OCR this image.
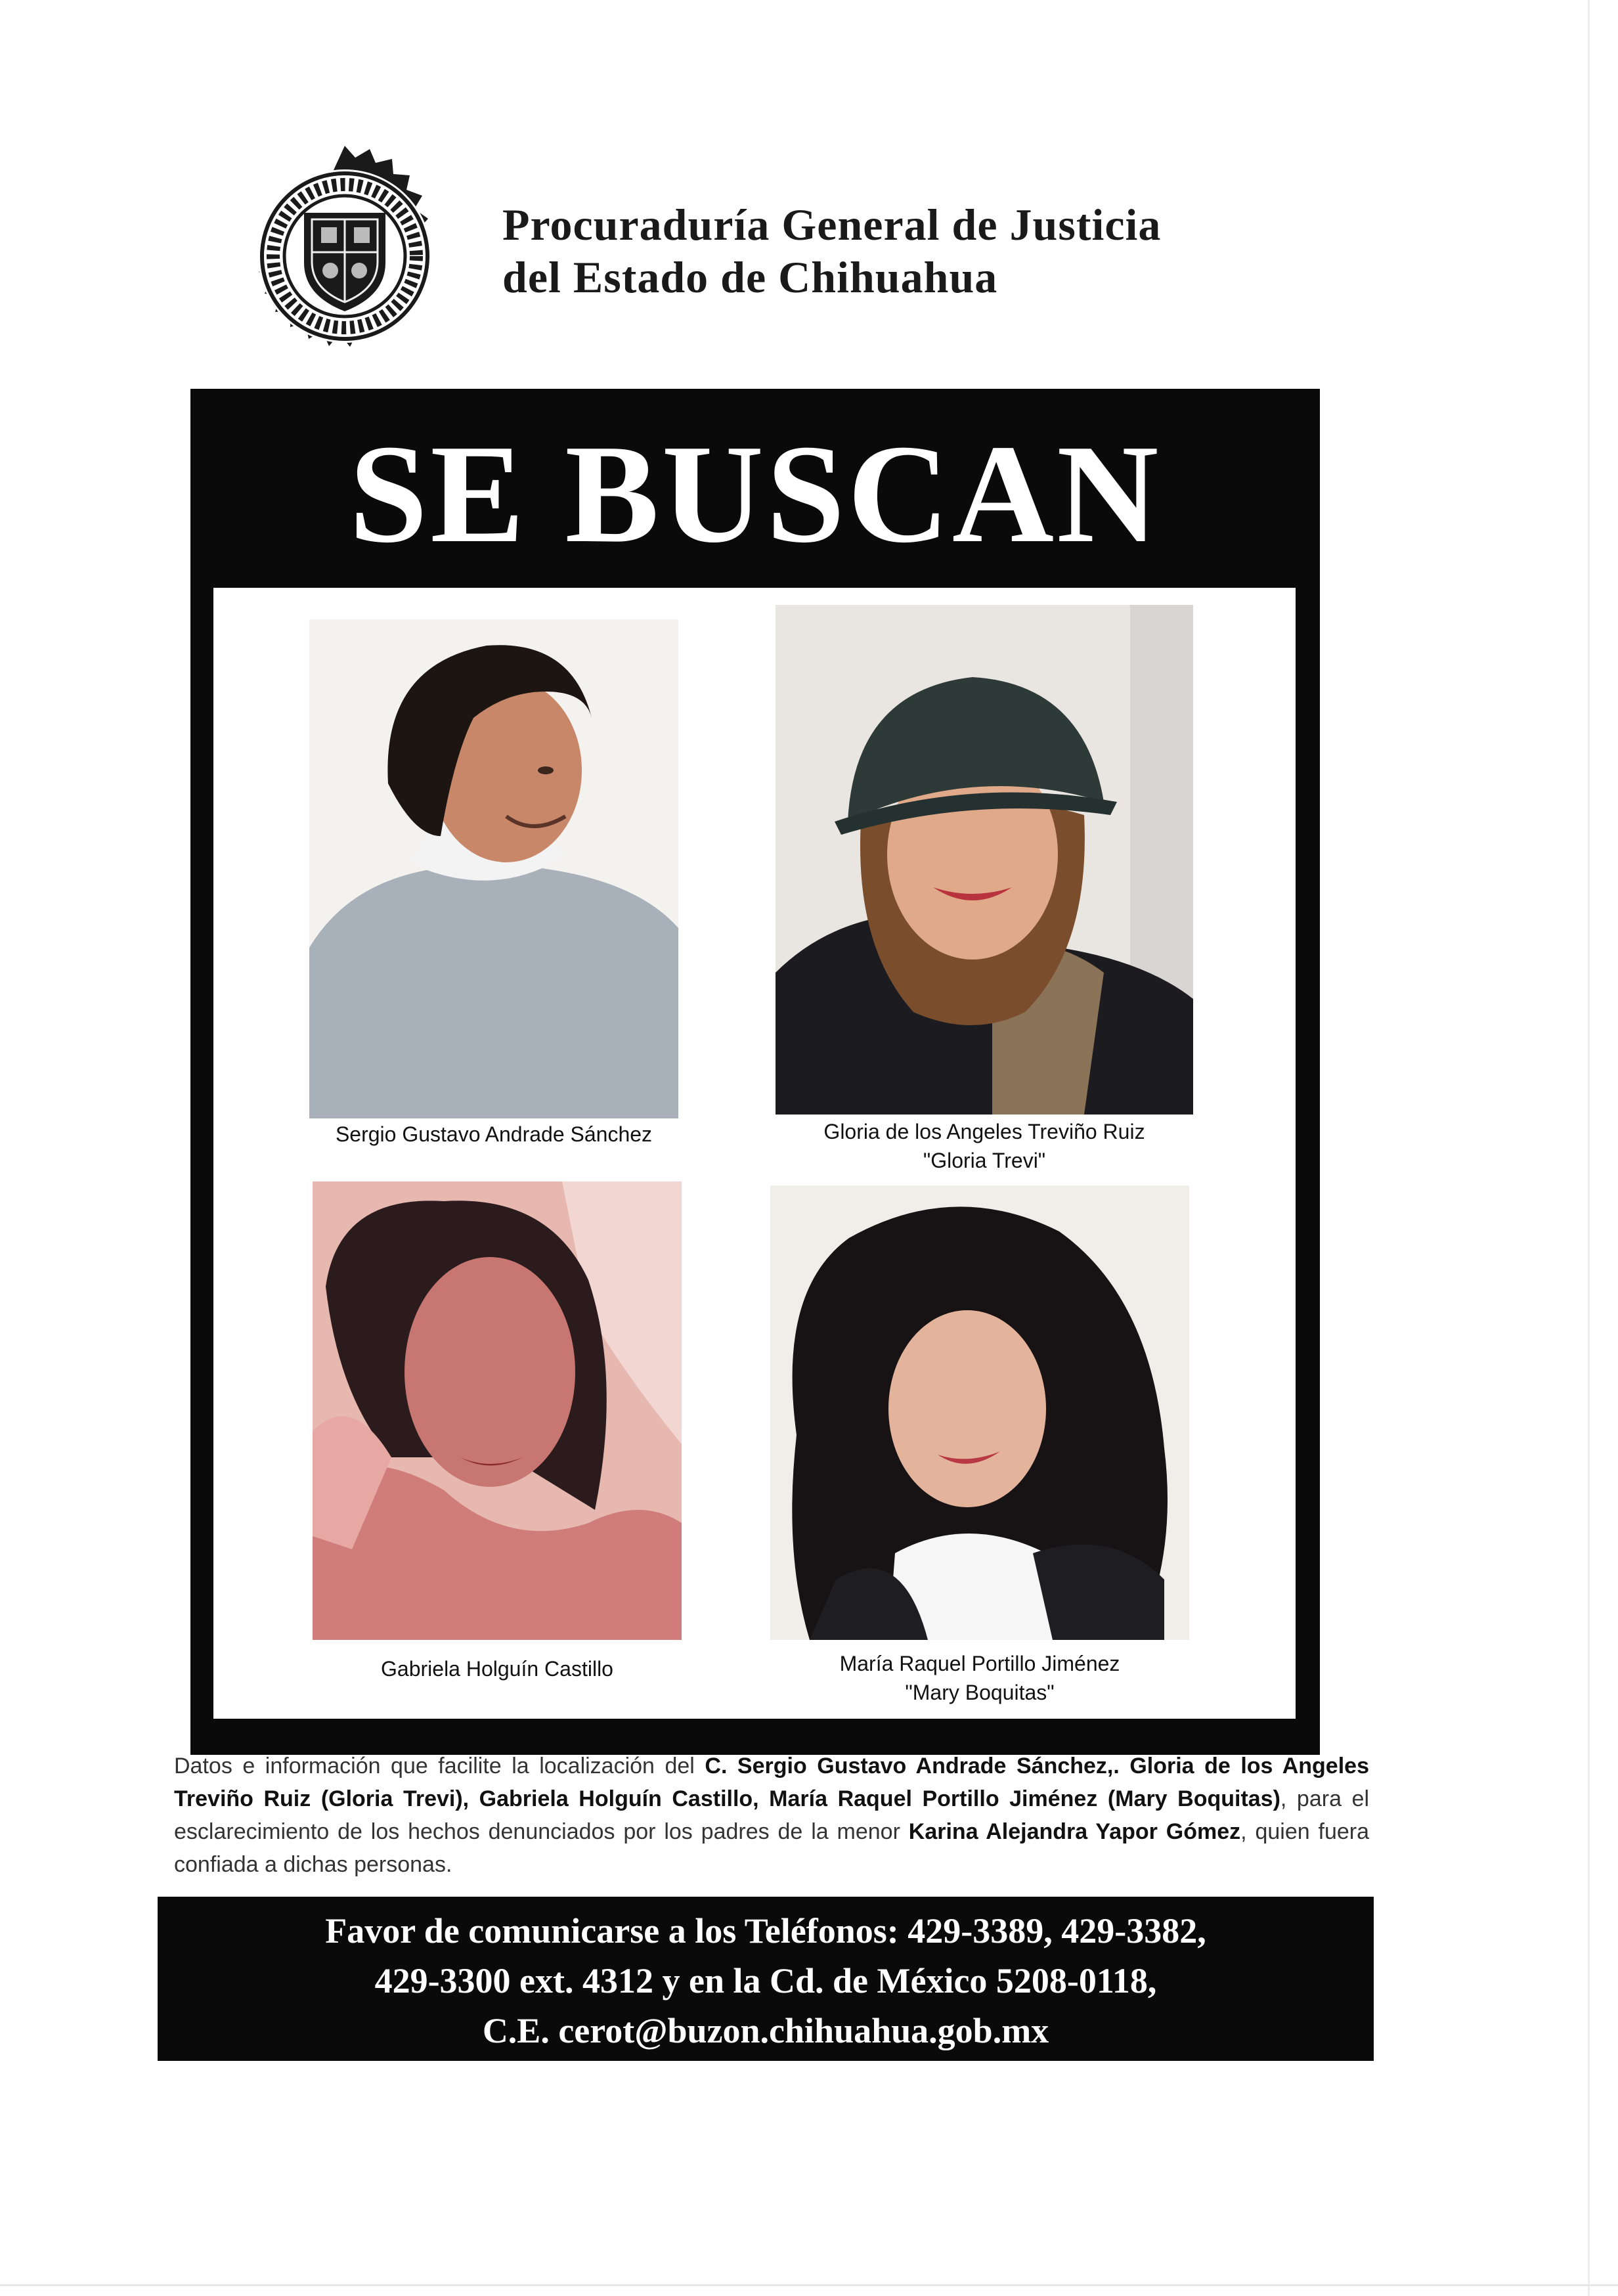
Procuraduría General de Justicia
del Estado de Chihuahua
SE BUSCAN
Sergio Gustavo Andrade Sánchez	Gloria de los Angeles Treviño Ruiz
"Gloria Trevi"
Gabriela Holguín Castillo	María Raquel Portillo Jiménez
"Mary Boquitas"
Datos e información que facilite la localización del C. Sergio Gustavo Andrade Sánchez,. Gloria de los Angeles Treviño Ruiz (Gloria Trevi), Gabriela Holguín Castillo, María Raquel Portillo Jiménez (Mary Boquitas), para el esclarecimiento de los hechos denunciados por los padres de la menor Karina Alejandra Yapor Gómez, quien fuera confiada a dichas personas.
Favor de comunicarse a los Teléfonos: 429-3389, 429-3382,
429-3300 ext. 4312 y en la Cd. de México 5208-0118,
C.E. cerot@buzon.chihuahua.gob.mx
